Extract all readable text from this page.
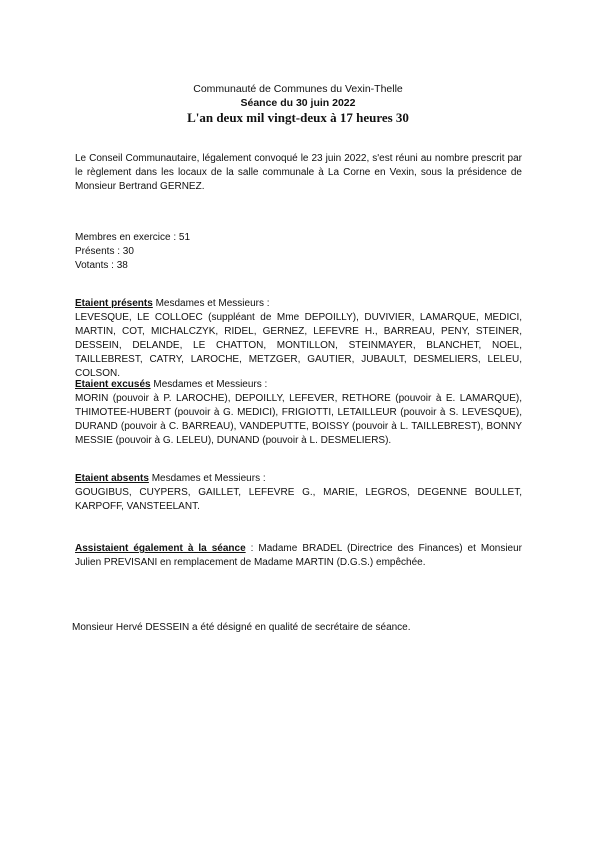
Communauté de Communes du Vexin-Thelle
Séance du 30 juin 2022
L'an deux mil vingt-deux à 17 heures 30
Le Conseil Communautaire, légalement convoqué le 23 juin 2022, s'est réuni au nombre prescrit par le règlement dans les locaux de la salle communale à La Corne en Vexin, sous la présidence de Monsieur Bertrand GERNEZ.
Membres en exercice : 51
Présents : 30
Votants : 38
Etaient présents Mesdames et Messieurs :
LEVESQUE, LE COLLOEC (suppléant de Mme DEPOILLY), DUVIVIER, LAMARQUE, MEDICI, MARTIN, COT, MICHALCZYK, RIDEL, GERNEZ, LEFEVRE H., BARREAU, PENY, STEINER, DESSEIN, DELANDE, LE CHATTON, MONTILLON, STEINMAYER, BLANCHET, NOEL, TAILLEBREST, CATRY, LAROCHE, METZGER, GAUTIER, JUBAULT, DESMELIERS, LELEU, COLSON.
Etaient excusés Mesdames et Messieurs :
MORIN (pouvoir à P. LAROCHE), DEPOILLY, LEFEVER, RETHORE (pouvoir à E. LAMARQUE), THIMOTEE-HUBERT (pouvoir à G. MEDICI), FRIGIOTTI, LETAILLEUR (pouvoir à S. LEVESQUE), DURAND (pouvoir à C. BARREAU), VANDEPUTTE, BOISSY (pouvoir à L. TAILLEBREST), BONNY MESSIE (pouvoir à G. LELEU), DUNAND (pouvoir à L. DESMELIERS).
Etaient absents Mesdames et Messieurs :
GOUGIBUS, CUYPERS, GAILLET, LEFEVRE G., MARIE, LEGROS, DEGENNE BOULLET, KARPOFF, VANSTEELANT.
Assistaient également à la séance : Madame BRADEL (Directrice des Finances) et Monsieur Julien PREVISANI en remplacement de Madame MARTIN (D.G.S.) empêchée.
Monsieur Hervé DESSEIN a été désigné en qualité de secrétaire de séance.
